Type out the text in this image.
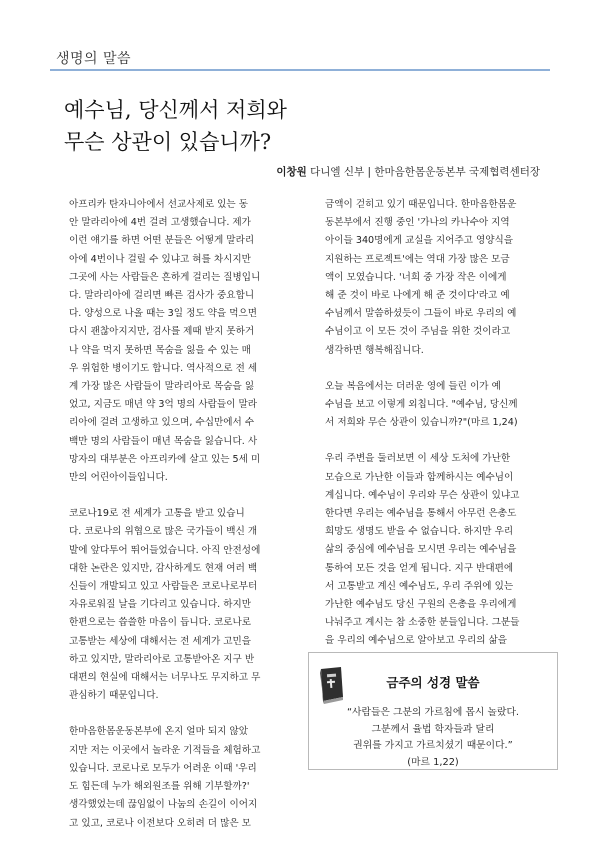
생명의 말씀
예수님, 당신께서 저희와
무슨 상관이 있습니까?
이창원 다니엘 신부 | 한마음한몸운동본부 국제협력센터장

아프리카 탄자니아에서 선교사제로 있는 동
안 말라리아에 4번 걸려 고생했습니다. 제가
이런 얘기를 하면 어떤 분들은 어떻게 말라리
아에 4번이나 걸릴 수 있냐고 혀를 차시지만
그곳에 사는 사람들은 흔하게 걸리는 질병입니
다. 말라리아에 걸리면 빠른 검사가 중요합니
다. 양성으로 나올 때는 3일 정도 약을 먹으면
다시 괜찮아지지만, 검사를 제때 받지 못하거
나 약을 먹지 못하면 목숨을 잃을 수 있는 매
우 위험한 병이기도 합니다. 역사적으로 전 세
계 가장 많은 사람들이 말라리아로 목숨을 잃
었고, 지금도 매년 약 3억 명의 사람들이 말라
리아에 걸려 고생하고 있으며, 수십만에서 수
백만 명의 사람들이 매년 목숨을 잃습니다. 사
망자의 대부분은 아프리카에 살고 있는 5세 미
만의 어린아이들입니다.

코로나19로 전 세계가 고통을 받고 있습니
다. 코로나의 위협으로 많은 국가들이 백신 개
발에 앞다투어 뛰어들었습니다. 아직 안전성에
대한 논란은 있지만, 감사하게도 현재 여러 백
신들이 개발되고 있고 사람들은 코로나로부터
자유로워질 날을 기다리고 있습니다. 하지만
한편으로는 씁쓸한 마음이 듭니다. 코로나로
고통받는 세상에 대해서는 전 세계가 고민을
하고 있지만, 말라리아로 고통받아온 지구 반
대편의 현실에 대해서는 너무나도 무지하고 무
관심하기 때문입니다.

한마음한몸운동본부에 온지 얼마 되지 않았
지만 저는 이곳에서 놀라운 기적들을 체험하고
있습니다. 코로나로 모두가 어려운 이때 '우리
도 힘든데 누가 해외원조를 위해 기부할까?'
생각했었는데 끊임없이 나눔의 손길이 이어지
고 있고, 코로나 이전보다 오히려 더 많은 모

금액이 걷히고 있기 때문입니다. 한마음한몸운
동본부에서 진행 중인 '가나의 카나수아 지역
아이들 340명에게 교실을 지어주고 영양식을
지원하는 프로젝트'에는 역대 가장 많은 모금
액이 모였습니다. '너희 중 가장 작은 이에게
해 준 것이 바로 나에게 해 준 것이다'라고 예
수님께서 말씀하셨듯이 그들이 바로 우리의 예
수님이고 이 모든 것이 주님을 위한 것이라고
생각하면 행복해집니다.

오늘 복음에서는 더러운 영에 들린 이가 예
수님을 보고 이렇게 외칩니다. "예수님, 당신께
서 저희와 무슨 상관이 있습니까?"(마르 1,24)

우리 주변을 둘러보면 이 세상 도처에 가난한
모습으로 가난한 이들과 함께하시는 예수님이
계십니다. 예수님이 우리와 무슨 상관이 있냐고
한다면 우리는 예수님을 통해서 아무런 은총도
희망도 생명도 받을 수 없습니다. 하지만 우리
삶의 중심에 예수님을 모시면 우리는 예수님을
통하여 모든 것을 얻게 됩니다. 지구 반대편에
서 고통받고 계신 예수님도, 우리 주위에 있는
가난한 예수님도 당신 구원의 은총을 우리에게
나눠주고 계시는 참 소중한 분들입니다. 그분들
을 우리의 예수님으로 알아보고 우리의 삶을

금주의 성경 말씀
“사람들은 그분의 가르침에 몹시 놀랐다.
그분께서 율법 학자들과 달리
권위를 가지고 가르치셨기 때문이다.”
(마르 1,22)
